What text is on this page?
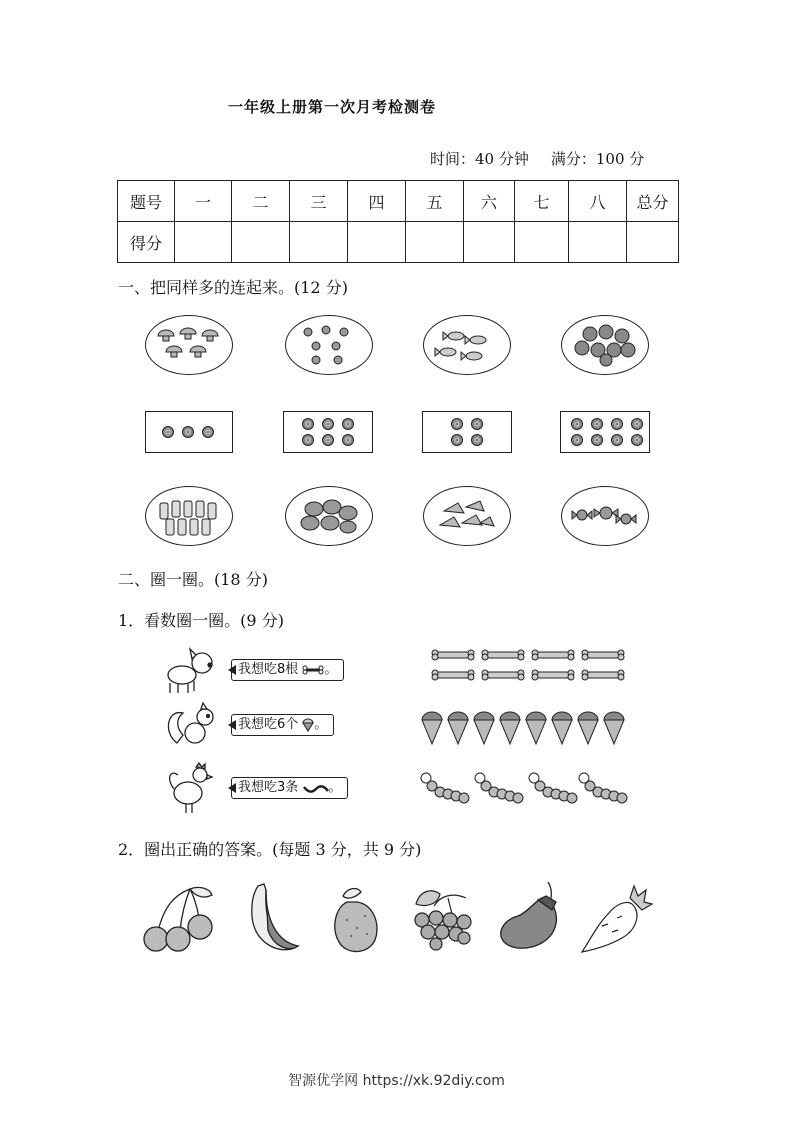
一年级上册第一次月考检测卷
时间：40 分钟 满分：100 分
题号	一	二	三	四	五	六	七	八	总分
得分									
一、把同样多的连起来。(12 分)
二、圈一圈。(18 分)
1．看数圈一圈。(9 分)
我想吃8根 。
我想吃6个 。
我想吃3条 。
2．圈出正确的答案。(每题 3 分，共 9 分)
智源优学网 https://xk.92diy.com
